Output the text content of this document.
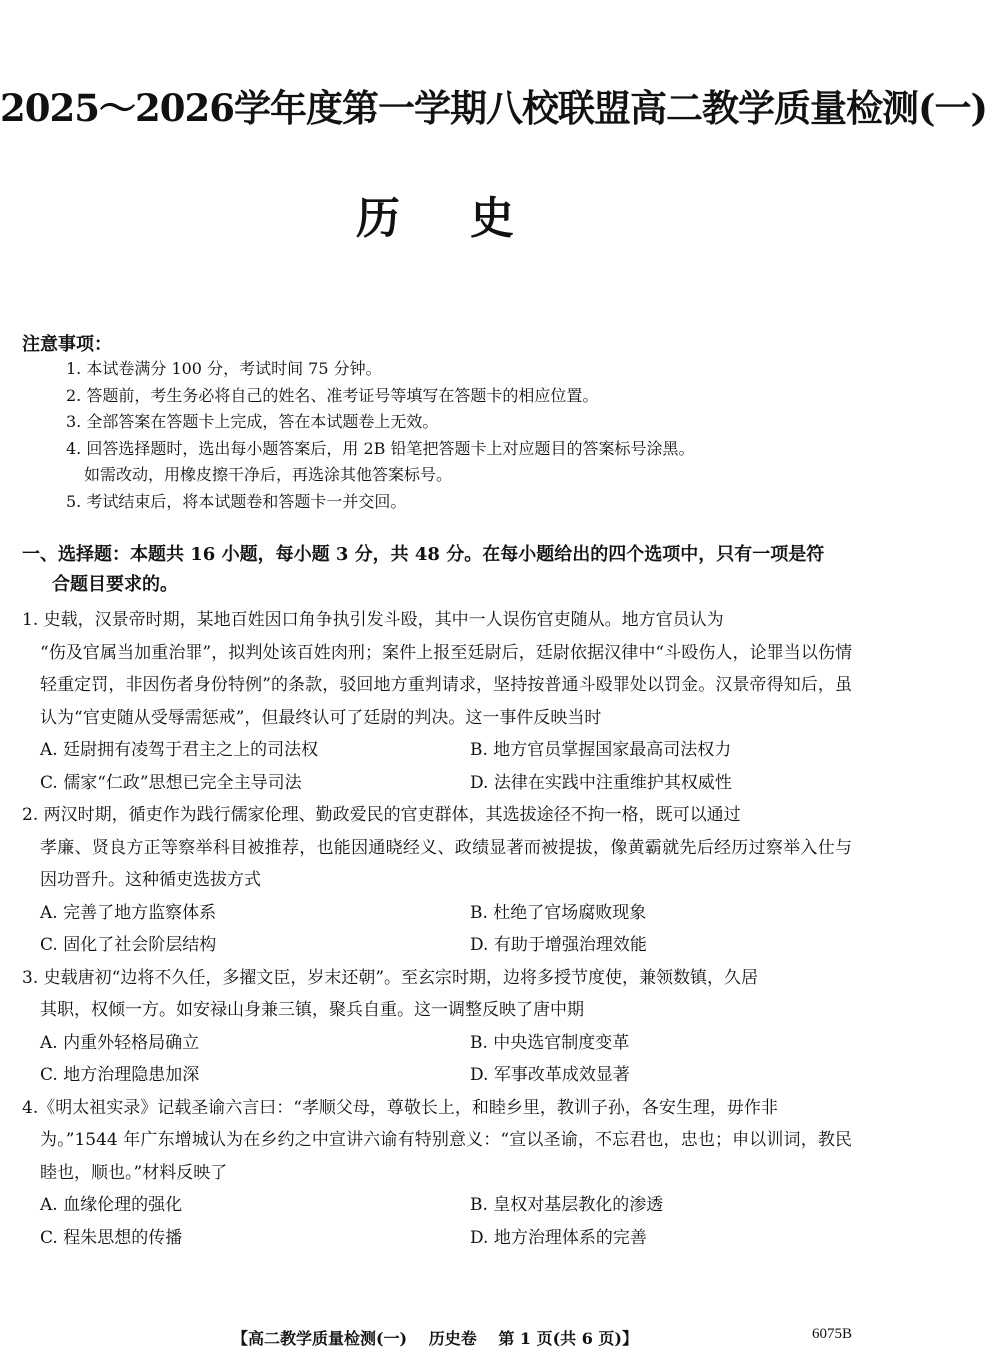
2025～2026学年度第一学期八校联盟高二教学质量检测(一)
历史
注意事项：
1. 本试卷满分 100 分，考试时间 75 分钟。
2. 答题前，考生务必将自己的姓名、准考证号等填写在答题卡的相应位置。
3. 全部答案在答题卡上完成，答在本试题卷上无效。
4. 回答选择题时，选出每小题答案后，用 2B 铅笔把答题卡上对应题目的答案标号涂黑。
如需改动，用橡皮擦干净后，再选涂其他答案标号。
5. 考试结束后，将本试题卷和答题卡一并交回。
一、选择题：本题共 16 小题，每小题 3 分，共 48 分。在每小题给出的四个选项中，只有一项是符
合题目要求的。
1. 史载，汉景帝时期，某地百姓因口角争执引发斗殴，其中一人误伤官吏随从。地方官员认为
“伤及官属当加重治罪”，拟判处该百姓肉刑；案件上报至廷尉后，廷尉依据汉律中“斗殴伤人，论罪当以伤情轻重定罚，非因伤者身份特例”的条款，驳回地方重判请求，坚持按普通斗殴罪处以罚金。汉景帝得知后，虽认为“官吏随从受辱需惩戒”，但最终认可了廷尉的判决。这一事件反映当时
A. 廷尉拥有凌驾于君主之上的司法权	B. 地方官员掌握国家最高司法权力
C. 儒家“仁政”思想已完全主导司法	D. 法律在实践中注重维护其权威性
2. 两汉时期，循吏作为践行儒家伦理、勤政爱民的官吏群体，其选拔途径不拘一格，既可以通过
孝廉、贤良方正等察举科目被推荐，也能因通晓经义、政绩显著而被提拔，像黄霸就先后经历过察举入仕与因功晋升。这种循吏选拔方式
A. 完善了地方监察体系	B. 杜绝了官场腐败现象
C. 固化了社会阶层结构	D. 有助于增强治理效能
3. 史载唐初“边将不久任，多擢文臣，岁末还朝”。至玄宗时期，边将多授节度使，兼领数镇，久居
其职，权倾一方。如安禄山身兼三镇，聚兵自重。这一调整反映了唐中期
A. 内重外轻格局确立	B. 中央选官制度变革
C. 地方治理隐患加深	D. 军事改革成效显著
4.《明太祖实录》记载圣谕六言曰：“孝顺父母，尊敬长上，和睦乡里，教训子孙，各安生理，毋作非
为。”1544 年广东增城认为在乡约之中宣讲六谕有特别意义：“宣以圣谕，不忘君也，忠也；申以训词，教民睦也，顺也。”材料反映了
A. 血缘伦理的强化	B. 皇权对基层教化的渗透
C. 程朱思想的传播	D. 地方治理体系的完善
【高二教学质量检测(一) 历史卷 第 1 页(共 6 页)】	6075B
